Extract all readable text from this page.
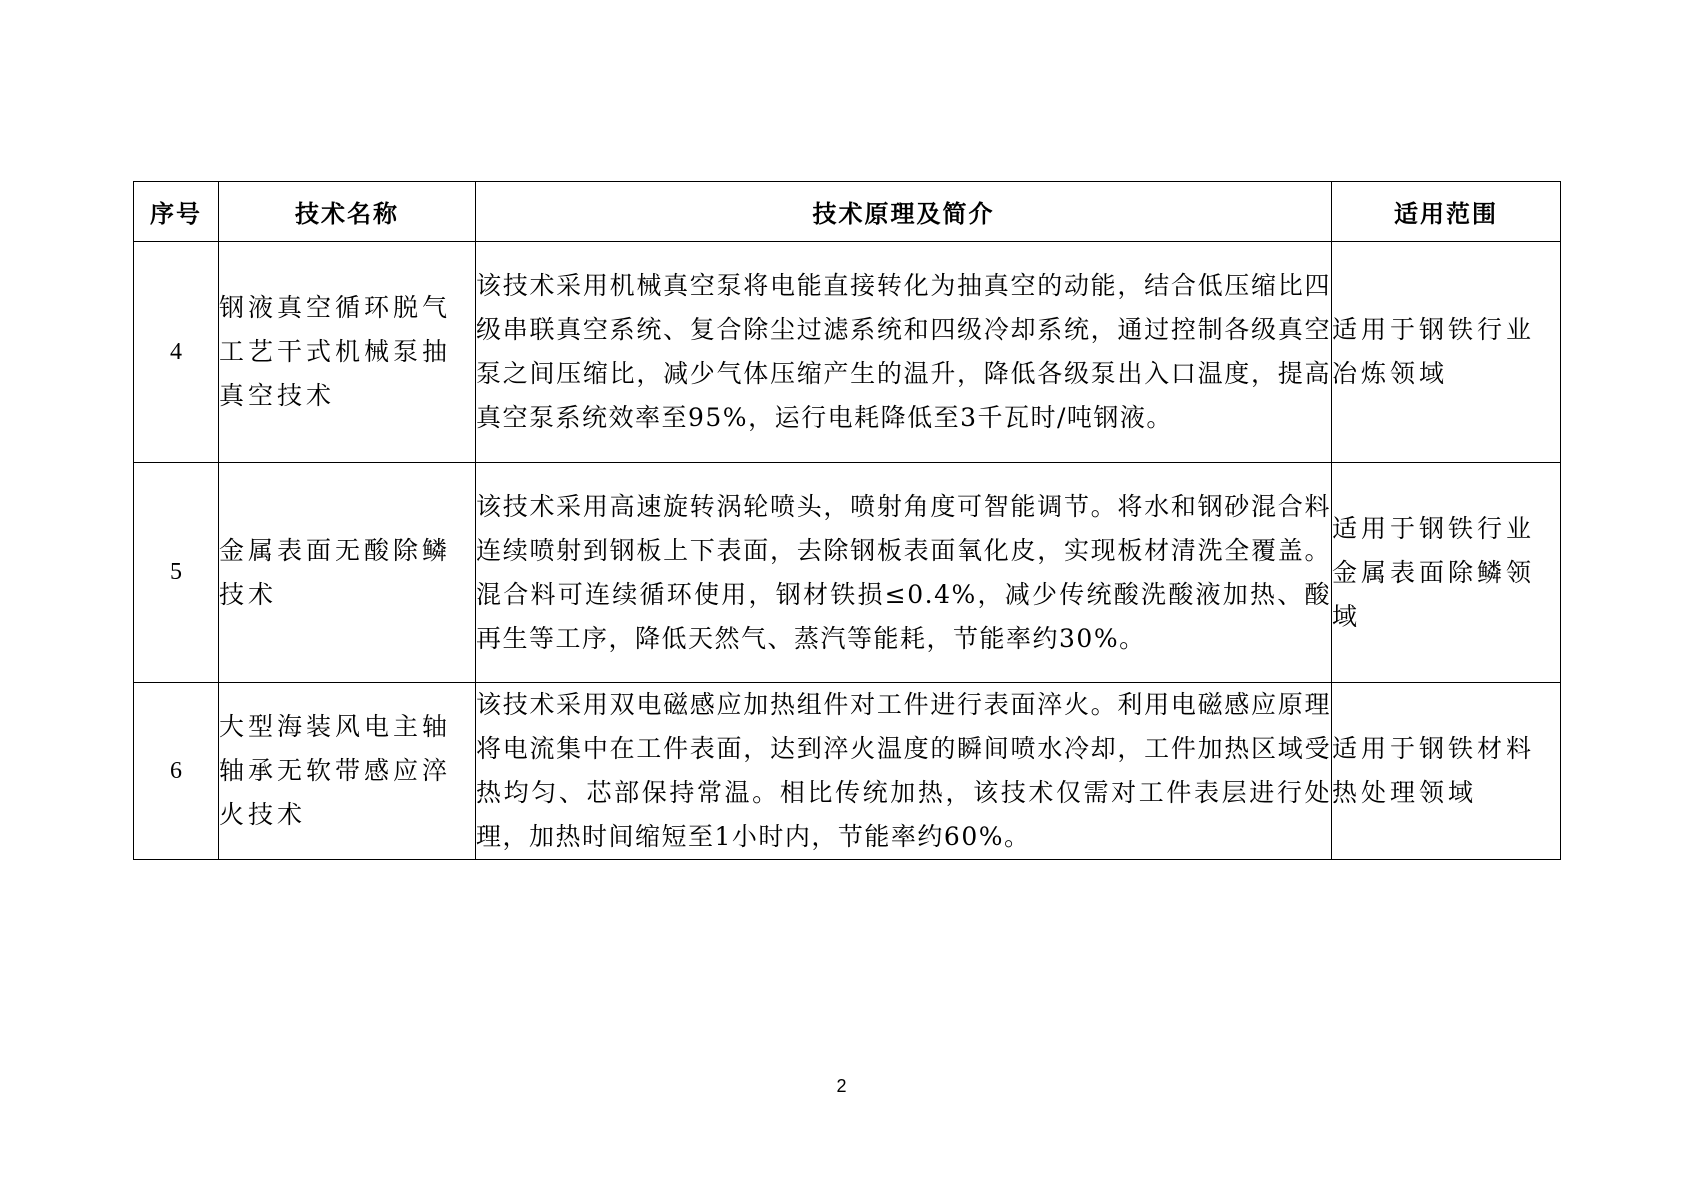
序号	技术名称	技术原理及简介	适用范围
4	钢液真空循环脱气工艺干式机械泵抽真空技术	该技术采用机械真空泵将电能直接转化为抽真空的动能，结合低压缩比四级串联真空系统、复合除尘过滤系统和四级冷却系统，通过控制各级真空泵之间压缩比，减少气体压缩产生的温升，降低各级泵出入口温度，提高真空泵系统效率至95%，运行电耗降低至3千瓦时/吨钢液。	适用于钢铁行业冶炼领域
5	金属表面无酸除鳞技术	该技术采用高速旋转涡轮喷头，喷射角度可智能调节。将水和钢砂混合料连续喷射到钢板上下表面，去除钢板表面氧化皮，实现板材清洗全覆盖。混合料可连续循环使用，钢材铁损≤0.4%，减少传统酸洗酸液加热、酸再生等工序，降低天然气、蒸汽等能耗，节能率约30%。	适用于钢铁行业金属表面除鳞领域
6	大型海装风电主轴轴承无软带感应淬火技术	该技术采用双电磁感应加热组件对工件进行表面淬火。利用电磁感应原理将电流集中在工件表面，达到淬火温度的瞬间喷水冷却，工件加热区域受热均匀、芯部保持常温。相比传统加热，该技术仅需对工件表层进行处理，加热时间缩短至1小时内，节能率约60%。	适用于钢铁材料热处理领域
2
